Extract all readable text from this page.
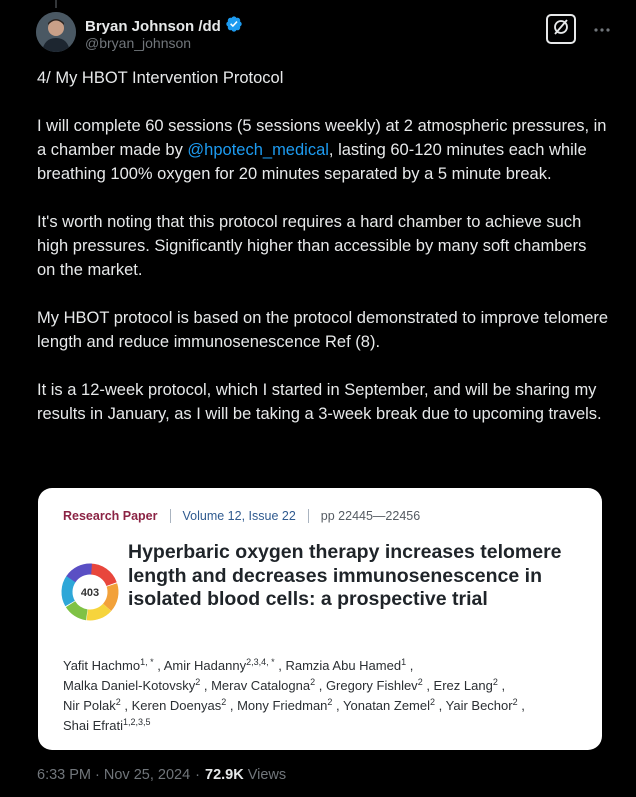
Bryan Johnson /dd
@bryan_johnson

4/ My HBOT Intervention Protocol

I will complete 60 sessions (5 sessions weekly) at 2 atmospheric pressures, in a chamber made by @hpotech_medical, lasting 60-120 minutes each while breathing 100% oxygen for 20 minutes separated by a 5 minute break.

It's worth noting that this protocol requires a hard chamber to achieve such high pressures. Significantly higher than accessible by many soft chambers on the market.

My HBOT protocol is based on the protocol demonstrated to improve telomere length and reduce immunosenescence Ref (8).

It is a 12-week protocol, which I started in September, and will be sharing my results in January, as I will be taking a 3-week break due to upcoming travels.

Research Paper Volume 12, Issue 22 pp 22445—22456
403
Hyperbaric oxygen therapy increases telomere length and decreases immunosenescence in isolated blood cells: a prospective trial
Yafit Hachmo$^{1, *}$ , Amir Hadanny$^{2,3,4, *}$ , Ramzia Abu Hamed$^1$ ,
Malka Daniel-Kotovsky$^2$ , Merav Catalogna$^2$ , Gregory Fishlev$^2$ , Erez Lang$^2$ ,
Nir Polak$^2$ , Keren Doenyas$^2$ , Mony Friedman$^2$ , Yonatan Zemel$^2$ , Yair Bechor$^2$ ,
Shai Efrati$^{1,2,3,5}$
6:33 PM · Nov 25, 2024 · 72.9K Views
